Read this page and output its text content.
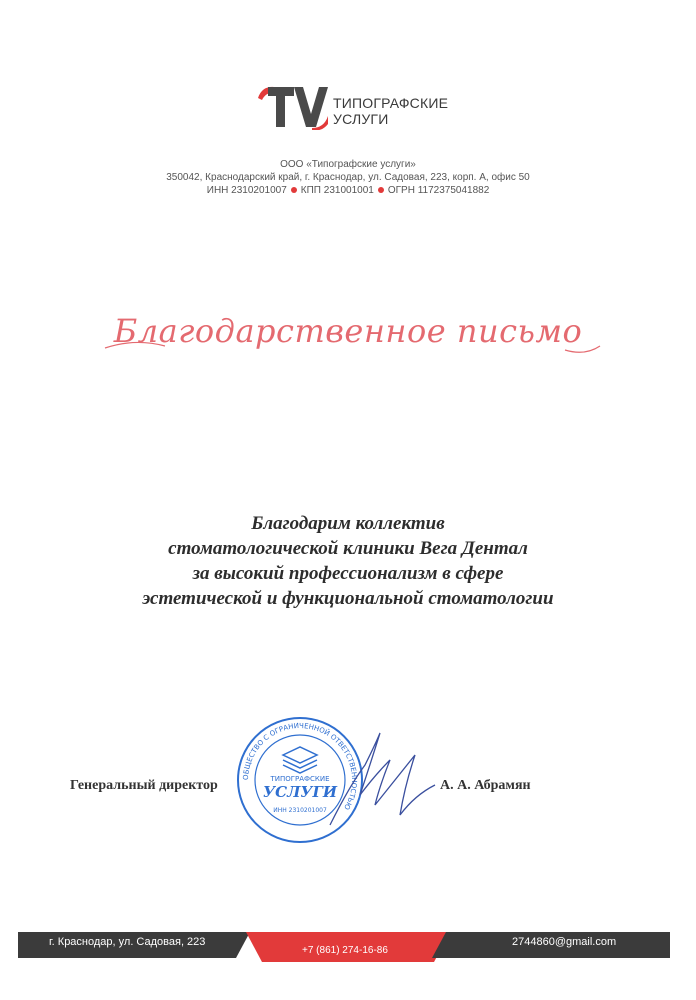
ТИПОГРАФСКИЕ
УСЛУГИ
ООО «Типографские услуги»
350042, Краснодарский край, г. Краснодар, ул. Садовая, 223, корп. А, офис 50
ИНН 2310201007 КПП 231001001 ОГРН 1172375041882
Благодарственное письмо
Благодарим коллектив
стоматологической клиники Вега Дентал
за высокий профессионализм в сфере
эстетической и функциональной стоматологии
ОБЩЕСТВО С ОГРАНИЧЕННОЙ ОТВЕТСТВЕННОСТЬЮ
ТИПОГРАФСКИЕ
УСЛУГИ
ИНН 2310201007
Генеральный директор	А. А. Абрамян
г. Краснодар, ул. Садовая, 223
+7 (861) 274-16-86
2744860@gmail.com
